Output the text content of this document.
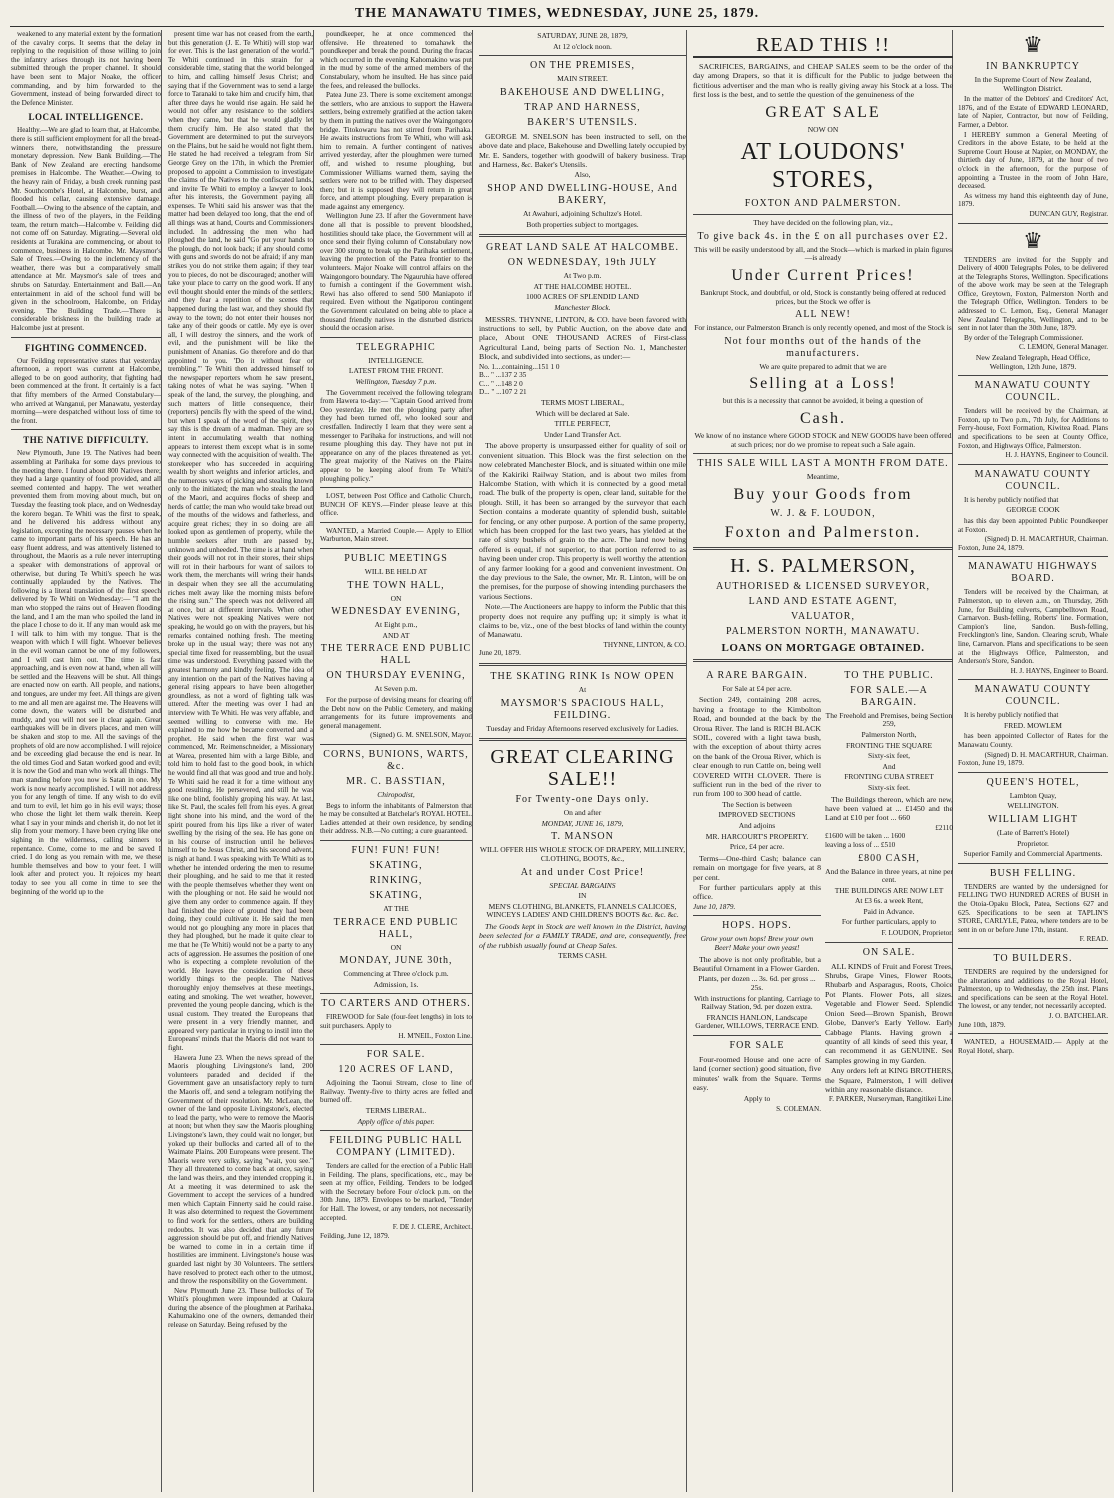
THE MANAWATU TIMES, WEDNESDAY, JUNE 25, 1879.

weakened to any material extent by the formation of the cavalry corps. It seems that the delay in replying to the requisition of those willing to join the infantry arises through its not having been submitted through the proper channel. It should have been sent to Major Noake, the officer commanding, and by him forwarded to the Government, instead of being forwarded direct to the Defence Minister.

LOCAL INTELLIGENCE.

Healthy.—We are glad to learn that, at Halcombe, there is still sufficient employment for all the bread-winners there, notwithstanding the pressure monetary depression. New Bank Building.—The Bank of New Zealand are erecting handsome premises in Halcombe. The Weather.—Owing to the heavy rain of Friday, a bush creek running past Mr. Southcombe's Hotel, at Halcombe, burst, and flooded his cellar, causing extensive damage. Football.—Owing to the absence of the captain, and the illness of two of the players, in the Feilding team, the return match—Halcombe v. Feilding did not come off on Saturday. Migrating.—Several old residents at Turakina are commencing, or about to commence, business in Halcombe. Mr. Maysmor's Sale of Trees.—Owing to the inclemency of the weather, there was but a comparatively small attendance at Mr. Maysmor's sale of trees and shrubs on Saturday. Entertainment and Ball.—An entertainment in aid of the school fund will be given in the schoolroom, Halcombe, on Friday evening. The Building Trade.—There is considerable briskness in the building trade at Halcombe just at present.

FIGHTING COMMENCED.

Our Feilding representative states that yesterday afternoon, a report was current at Halcombe, alleged to be on good authority, that fighting had been commenced at the front. It certainly is a fact that fifty members of the Armed Constabulary—who arrived at Wanganui, per Manawatu, yesterday morning—were despatched without loss of time to the front.

THE NATIVE DIFFICULTY.

New Plymouth, June 19. The Natives had been assembling at Parihaka for some days previous to the meeting there. I found about 800 Natives there; they had a large quantity of food provided, and all seemed contented and happy. The wet weather prevented them from moving about much, but on Tuesday the feasting took place, and on Wednesday the korero began. Te Whiti was the first to speak, and he delivered his address without any legislation, excepting the necessary pauses when he came to important parts of his speech. He has an easy fluent address, and was attentively listened to throughout, the Maoris as a rule never interrupting a speaker with demonstrations of approval or otherwise, but during Te Whiti's speech he was continually applauded by the Natives. The following is a literal translation of the first speech delivered by Te Whiti on Wednesday:— "I am the man who stopped the rains out of Heaven flooding the land, and I am the man who spoiled the land in the place I chose to do it. If any man would ask me I will talk to him with my tongue. That is the weapon with which I will fight. Whoever believes in the evil woman cannot be one of my followers, and I will cast him out. The time is fast approaching, and is even now at hand, when all will be settled and the Heavens will be shut. All things are enacted now on earth. All people, and nations, and tongues, are under my feet. All things are given to me and all men are against me. The Heavens will come down, the waters will be disturbed and muddy, and you will not see it clear again. Great earthquakes will be in divers places, and men will be shaken and stop to me. All the savings of the prophets of old are now accomplished. I will rejoice and be exceeding glad because the end is near. In the old times God and Satan worked good and evil; it is now the God and man who work all things. The man standing before you now is Satan in one. My work is now nearly accomplished. I will not address you for any length of time. If any wish to do evil and turn to evil, let him go in his evil ways; those who chose the light let them walk therein. Keep what I say in your minds and cherish it, do not let it slip from your memory. I have been crying like one sighing in the wilderness, calling sinners to repentance. Come, come to me and be saved I cried. I do long as you remain with me, we these humble themselves and bow to your feet. I will look after and protect you. It rejoices my heart today to see you all come in time to see the beginning of the world up to the

present time war has not ceased from the earth, but this generation (J. E. Te Whiti) will stop war for ever. This is the last generation of the world." Te Whiti continued in this strain for a considerable time, stating that the world belonged to him, and calling himself Jesus Christ; and saying that if the Government was to send a large force to Taranaki to take him and crucify him, that after three days he would rise again. He said he would not offer any resistance to the soldiers when they came, but that he would gladly let them crucify him. He also stated that the Government are determined to put the surveyors on the Plains, but he said he would not fight them. He stated he had received a telegram from Sir George Grey on the 17th, in which the Premier proposed to appoint a Commission to investigate the claims of the Natives to the confiscated lands, and invite Te Whiti to employ a lawyer to look after his interests, the Government paying all expenses. Te Whiti said his answer was that the matter had been delayed too long, that the end of all things was at hand, Courts and Commissioners included. In addressing the men who had ploughed the land, he said "Go put your hands to the plough, do not look back; if any should come with guns and swords do not be afraid; if any man strikes you do not strike them again; if they tear you to pieces, do not be discouraged; another will take your place to carry on the good work. If any evil thought should enter the minds of the settlers; and they fear a repetition of the scenes that happened during the last war, and they should fly away to the town; do not enter their houses nor take any of their goods or cattle. My eye is over all, I will destroy the sinners, and the work of evil, and the punishment will be like the punishment of Ananias. Go therefore and do that appointed to you. 'Do it without fear or trembling.'" Te Whiti then addressed himself to the newspaper reporters whom he saw present, taking notes of what he was saying. "When I speak of the land, the survey, the ploughing, and such matters of little consequence, their (reporters) pencils fly with the speed of the wind, but when I speak of the word of the spirit, they say this is the dream of a madman. They are so intent in accumulating wealth that nothing appears to interest them except what is in some way connected with the acquisition of wealth. The storekeeper who has succeeded in acquiring wealth by short weights and inferior articles, and the numerous ways of picking and stealing known only to the initiated; the man who steals the land of the Maori, and acquires flocks of sheep and herds of cattle; the man who would take bread out of the mouths of the widows and fatherless, and acquire great riches; they in so doing are all looked upon as gentlemen of property, while the humble seekers after truth are passed by, unknown and unheeded. The time is at hand when their goods will not rot in their stores, their ships will rot in their harbours for want of sailors to work them, the merchants will wring their hands in despair when they see all the accumulating riches melt away like the morning mists before the rising sun." The speech was not delivered all at once, but at different intervals. When other Natives were not speaking Natives were not speaking, he would go on with the prayers, but his remarks contained nothing fresh. The meeting broke up in the usual way; there was not any special time fixed for reassembling, but the usual time was understood. Everything passed with the greatest harmony and kindly feeling. The idea of any intention on the part of the Natives having a general rising appears to have been altogether groundless, as not a word of fighting talk was uttered. After the meeting was over I had an interview with Te Whiti. He was very affable, and seemed willing to converse with me. He explained to me how he became converted and a prophet. He said when the first war was commenced, Mr. Reimenschneider, a Missionary at Warea, presented him with a large Bible, and told him to hold fast to the good book, in which he would find all that was good and true and holy. Te Whiti said he read it for a time without any good resulting. He persevered, and still he was like one blind, foolishly groping his way. At last, like St. Paul, the scales fell from his eyes. A great light shone into his mind, and the word of the spirit poured from his lips like a river of water swelling by the rising of the sea. He has gone on in his course of instruction until he believes himself to be Jesus Christ, and his second advent, is nigh at hand. I was speaking with Te Whiti as to whether he intended ordering the men to resume their ploughing, and he said to me that it rested with the people themselves whether they went on with the ploughing or not. He said he would not give them any order to commence again. If they had finished the piece of ground they had been doing, they could cultivate it. He said the men would not go ploughing any more in places that they had ploughed, but he made it quite clear to me that he (Te Whiti) would not be a party to any acts of aggression. He assumes the position of one who is expecting a complete revolution of the world. He leaves the consideration of these worldly things to the people. The Natives thoroughly enjoy themselves at these meetings, eating and smoking. The wet weather, however, prevented the young people dancing, which is the usual custom. They treated the Europeans that were present in a very friendly manner, and appeared very particular in trying to instil into the Europeans' minds that the Maoris did not want to fight.

Hawera June 23. When the news spread of the Maoris ploughing Livingstone's land, 200 volunteers paraded and decided if the Government gave an unsatisfactory reply to turn the Maoris off, and send a telegram notifying the Government of their resolution. Mr. McLean, the owner of the land opposite Livingstone's, elected to lead the party, who were to remove the Maoris at noon; but when they saw the Maoris ploughing Livingstone's lawn, they could wait no longer, but yoked up their bullocks and carted all of to the Waimate Plains. 200 Europeans were present. The Maoris were very sulky, saying "wait, you see." They all threatened to come back at once, saying the land was theirs, and they intended cropping it. At a meeting it was determined to ask the Government to accept the services of a hundred men which Captain Finnerty said he could raise. It was also determined to request the Government to find work for the settlers, others are building redoubts. It was also decided that any future aggression should be put off, and friendly Natives be warned to come in in a certain time if hostilities are imminent. Livingstone's house was guarded last night by 30 Volunteers. The settlers have resolved to protect each other to the utmost, and throw the responsibility on the Government.

New Plymouth June 23. These bullocks of Te Whiti's ploughmen were impounded at Oakura during the absence of the ploughmen at Parihaka. Kahumakino one of the owners, demanded their release on Saturday. Being refused by the

poundkeeper, he at once commenced the offensive. He threatened to tomahawk the poundkeeper and break the pound. During the fracas which occurred in the evening Kahomakino was put in the mud by some of the armed members of the Constabulary, whom he insulted. He has since paid the fees, and released the bullocks.

Patea June 23. There is some excitement amongst the settlers, who are anxious to support the Hawera settlers, being extremely gratified at the action taken by them in putting the natives over the Waingongoro bridge. Titokowaru has not stirred from Parihaka. He awaits instructions from Te Whiti, who will ask him to remain. A further contingent of natives arrived yesterday, after the ploughmen were turned off, and wished to resume ploughing, but Commissioner Williams warned them, saying the settlers were not to be trifled with. They dispersed then; but it is supposed they will return in great force, and attempt ploughing. Every preparation is made against any emergency.

Wellington June 23. If after the Government have done all that is possible to prevent bloodshed, hostilities should take place, the Government will at once send their flying column of Constabulary now over 300 strong to break up the Parihaka settlement, leaving the protection of the Patea frontier to the volunteers. Major Noake will control affairs on the Waingongoro boundary. The Ngauruhia have offered to furnish a contingent if the Government wish. Rewi has also offered to send 500 Maniapoto if required. Even without the Ngatiporou contingent the Government calculated on being able to place a thousand friendly natives in the disturbed districts should the occasion arise.

TELEGRAPHIC
INTELLIGENCE.
LATEST FROM THE FRONT.
Wellington, Tuesday 7 p.m.

The Government received the following telegram from Hawera to-day:— "Captain Good arrived from Oeo yesterday. He met the ploughing party after they had been turned off, who looked sour and crestfallen. Indirectly I learn that they were sent a messenger to Parihaka for instructions, and will not resume ploughing this day. They have not put in appearance on any of the places threatened as yet. The great majority of the Natives on the Plains appear to be keeping aloof from Te Whiti's ploughing policy."

LOST, between Post Office and Catholic Church, BUNCH OF KEYS.—Finder please leave at this office.

WANTED, a Married Couple.— Apply to Elliot Warburton, Main street.

PUBLIC MEETINGS
WILL BE HELD AT
THE TOWN HALL,
ON
WEDNESDAY EVENING,
At Eight p.m.,
AND AT
THE TERRACE END PUBLIC HALL
ON THURSDAY EVENING,
At Seven p.m.

For the purpose of devising means for clearing off the Debt now on the Public Cemetery, and making arrangements for its future improvements and general management.

(Signed) G. M. SNELSON, Mayor.
CORNS, BUNIONS, WARTS, &c.
MR. C. BASSTIAN,
Chiropodist,

Begs to inform the inhabitants of Palmerston that he may be consulted at Batchelar's ROYAL HOTEL. Ladies attended at their own residence, by sending their address. N.B.—No cutting; a cure guaranteed.

FUN! FUN! FUN!
SKATING,
RINKING,
SKATING,
AT THE
TERRACE END PUBLIC HALL,
ON
MONDAY, JUNE 30th,
Commencing at Three o'clock p.m.
Admission, 1s.
TO CARTERS AND OTHERS.

FIREWOOD for Sale (four-feet lengths) in lots to suit purchasers. Apply to

H. M'NEIL, Foxton Line.
FOR SALE.
120 ACRES OF LAND,

Adjoining the Taonui Stream, close to line of Railway. Twenty-five to thirty acres are felled and burned off.

TERMS LIBERAL.
Apply office of this paper.
FEILDING PUBLIC HALL COMPANY (LIMITED).

Tenders are called for the erection of a Public Hall in Feilding. The plans, specifications, etc., may be seen at my office, Feilding. Tenders to be lodged with the Secretary before Four o'clock p.m. on the 30th June, 1879. Envelopes to be marked, "Tender for Hall. The lowest, or any tenders, not necessarily accepted.

F. DE J. CLERE, Architect.
Feilding, June 12, 1879.
SATURDAY, JUNE 28, 1879,
At 12 o'clock noon.
ON THE PREMISES,
MAIN STREET.
BAKEHOUSE AND DWELLING,
TRAP AND HARNESS,
BAKER'S UTENSILS.

GEORGE M. SNELSON has been instructed to sell, on the above date and place, Bakehouse and Dwelling lately occupied by Mr. E. Sanders, together with goodwill of bakery business. Trap and Harness, &c. Baker's Utensils.

Also,
SHOP AND DWELLING-HOUSE, And BAKERY,
At Awahuri, adjoining Schultze's Hotel.
Both properties subject to mortgages.
GREAT LAND SALE AT HALCOMBE.
ON WEDNESDAY, 19th JULY
At Two p.m.
AT THE HALCOMBE HOTEL.
1000 ACRES OF SPLENDID LAND
Manchester Block.

MESSRS. THYNNE, LINTON, & CO. have been favored with instructions to sell, by Public Auction, on the above date and place, About ONE THOUSAND ACRES of First-class Agricultural Land, being parts of Section No. 1, Manchester Block, and subdivided into sections, as under:—

No. 1....containing...151 1 0
B... " ...137 2 35
C... " ...148 2 0
D... " ...107 2 21
TERMS MOST LIBERAL,
Which will be declared at Sale.
TITLE PERFECT,
Under Land Transfer Act.

The above property is unsurpassed either for quality of soil or convenient situation. This Block was the first selection on the now celebrated Manchester Block, and is situated within one mile of the Kakiriki Railway Station, and is about two miles from Halcombe Station, with which it is connected by a good metal road. The bulk of the property is open, clear land, suitable for the plough. Still, it has been so arranged by the surveyor that each Section contains a moderate quantity of splendid bush, suitable for fencing, or any other purpose. A portion of the same property, which has been cropped for the last two years, has yielded at the rate of sixty bushels of grain to the acre. The land now being offered is equal, if not superior, to that portion referred to as having been under crop. This property is well worthy the attention of any farmer looking for a good and convenient investment. On the day previous to the Sale, the owner, Mr. R. Linton, will be on the premises, for the purpose of showing intending purchasers the various Sections.

Note.—The Auctioneers are happy to inform the Public that this property does not require any puffing up; it simply is what it claims to be, viz., one of the best blocks of land within the county of Manawatu.

THYNNE, LINTON, & CO.
June 20, 1879.
THE SKATING RINK Is NOW OPEN
At
MAYSMOR'S SPACIOUS HALL, FEILDING.
Tuesday and Friday Afternoons reserved exclusively for Ladies.
GREAT CLEARING SALE!!
For Twenty-one Days only.
On and after
MONDAY, JUNE 16, 1879,
T. MANSON
WILL OFFER HIS WHOLE STOCK OF DRAPERY, MILLINERY, CLOTHING, BOOTS, &c.,
At and under Cost Price!
SPECIAL BARGAINS
IN
MEN'S CLOTHING, BLANKETS, FLANNELS CALICOES, WINCEYS LADIES' AND CHILDREN'S BOOTS &c. &c. &c.

The Goods kept in Stock are well known in the District, having been selected for a FAMILY TRADE, and are, consequently, free of the rubbish usually found at Cheap Sales.

TERMS CASH.
READ THIS !!

SACRIFICES, BARGAINS, and CHEAP SALES seem to be the order of the day among Drapers, so that it is difficult for the Public to judge between the fictitious advertiser and the man who is really giving away his Stock at a loss. The first loss is the best, and to settle the question of the genuineness of the

GREAT SALE
NOW ON
AT LOUDONS' STORES,
FOXTON AND PALMERSTON.
They have decided on the following plan, viz.,
To give back 4s. in the £ on all purchases over £2.
This will be easily understood by all, and the Stock—which is marked in plain figures—is already
Under Current Prices!
Bankrupt Stock, and doubtful, or old, Stock is constantly being offered at reduced prices, but the Stock we offer is
ALL NEW!
For instance, our Palmerston Branch is only recently opened, and most of the Stock is
Not four months out of the hands of the manufacturers.
We are quite prepared to admit that we are
Selling at a Loss!
but this is a necessity that cannot be avoided, it being a question of
Cash.
We know of no instance where GOOD STOCK and NEW GOODS have been offered at such prices; nor do we promise to repeat such a Sale again.
THIS SALE WILL LAST A MONTH FROM DATE.
Meantime,
Buy your Goods from
W. J. & F. LOUDON,
Foxton and Palmerston.
H. S. PALMERSON,
AUTHORISED & LICENSED SURVEYOR,
LAND AND ESTATE AGENT,
VALUATOR,
PALMERSTON NORTH, MANAWATU.
LOANS ON MORTGAGE OBTAINED.
A RARE BARGAIN.
For Sale at £4 per acre.

Section 249, containing 208 acres, having a frontage to the Kimbolton Road, and bounded at the back by the Oroua River. The land is RICH BLACK SOIL, covered with a light tawa bush, with the exception of about thirty acres on the bank of the Oroua River, which is clear enough to run Cattle on, being well COVERED WITH CLOVER. There is sufficient run in the bed of the river to run from 100 to 300 head of cattle.

The Section is between
IMPROVED SECTIONS
And adjoins
MR. HARCOURT'S PROPERTY.
Price, £4 per acre.

Terms—One-third Cash; balance can remain on mortgage for five years, at 8 per cent.

For further particulars apply at this office.

June 10, 1879.
HOPS. HOPS.
Grow your own hops! Brew your own Beer! Make your own yeast!

The above is not only profitable, but a Beautiful Ornament in a Flower Garden.

Plants, per dozen ... 3s. 6d. per gross ... 25s.
With instructions for planting. Carriage to Railway Station, 9d. per dozen extra.
FRANCIS HANLON, Landscape Gardener, WILLOWS, TERRACE END.
FOR SALE

Four-roomed House and one acre of land (corner section) good situation, five minutes' walk from the Square. Terms easy.

Apply to
S. COLEMAN.
TO THE PUBLIC.
FOR SALE.—A BARGAIN.
The Freehold and Premises, being Section 259,
Palmerston North,
FRONTING THE SQUARE
Sixty-six feet,
And
FRONTING CUBA STREET
Sixty-six feet.

The Buildings thereon, which are new, have been valued at ... £1450 and the Land at £10 per foot ... 660

£2110
£1600 will be taken ... 1600
leaving a loss of ... £510
£800 CASH,
And the Balance in three years, at nine per cent.
THE BUILDINGS ARE NOW LET
At £3 6s. a week Rent,
Paid in Advance.
For further particulars, apply to
F. LOUDON, Proprietor.
ON SALE.

ALL KINDS of Fruit and Forest Trees, Shrubs, Grape Vines, Flower Roots, Rhubarb and Asparagus, Roots, Choice Pot Plants. Flower Pots, all sizes. Vegetable and Flower Seed. Splendid Onion Seed—Brown Spanish, Brown Globe, Danver's Early Yellow. Early Cabbage Plants. Having grown a quantity of all kinds of seed this year, I can recommend it as GENUINE. See Samples growing in my Garden.

Any orders left at KING BROTHERS, the Square, Palmerston, I will deliver within any reasonable distance.

F. PARKER, Nurseryman, Rangitikei Line.
♛
IN BANKRUPTCY
In the Supreme Court of New Zealand, Wellington District.

In the matter of the Debtors' and Creditors' Act, 1876, and of the Estate of EDWARD LEONARD, late of Napier, Contractor, but now of Feilding, Farmer, a Debtor.

I HEREBY summon a General Meeting of Creditors in the above Estate, to be held at the Supreme Court House at Napier, on MONDAY, the thirtieth day of June, 1879, at the hour of two o'clock in the afternoon, for the purpose of appointing a Trustee in the room of John Hare, deceased.

As witness my hand this eighteenth day of June, 1879.

DUNCAN GUY, Registrar.
♛

TENDERS are invited for the Supply and Delivery of 4000 Telegraphs Poles, to be delivered at the Telegraphs Stores, Wellington. Specifications of the above work may be seen at the Telegraph Office, Greytown, Foxton, Palmerston North and the Telegraph Office, Wellington. Tenders to be addressed to C. Lemon, Esq., General Manager New Zealand Telegraphs, Wellington, and to be sent in not later than the 30th June, 1879.

By order of the Telegraph Commissioner.

C. LEMON, General Manager.
New Zealand Telegraph, Head Office, Wellington, 12th June, 1879.
MANAWATU COUNTY COUNCIL.

Tenders will be received by the Chairman, at Foxton, up to Two p.m., 7th July, for Additions to Ferry-house, Foxt Formation, Kiwitea Road. Plans and specifications to be seen at County Office, Foxton, and Highways Office, Palmerston.

H. J. HAYNS, Engineer to Council.
MANAWATU COUNTY COUNCIL.

It is hereby publicly notified that

GEORGE COOK

has this day been appointed Public Poundkeeper at Foxton.

(Signed) D. H. MACARTHUR, Chairman.
Foxton, June 24, 1879.
MANAWATU HIGHWAYS BOARD.

Tenders will be received by the Chairman, at Palmerston, up to eleven a.m., on Thursday, 26th June, for Building culverts, Campbelltown Road, Carnarvon. Bush-felling, Roberts' line. Formation, Campion's line, Sandon. Bush-felling, Frecklington's line, Sandon. Clearing scrub, Whale line, Carnarvon. Plans and specifications to be seen at the Highways Office, Palmerston, and Anderson's Store, Sandon.

H. J. HAYNS, Engineer to Board.
MANAWATU COUNTY COUNCIL.

It is hereby publicly notified that

FRED. MOWLEM

has been appointed Collector of Rates for the Manawatu County.

(Signed) D. H. MACARTHUR, Chairman.
Foxton, June 19, 1879.
QUEEN'S HOTEL,
Lambton Quay,
WELLINGTON.
WILLIAM LIGHT
(Late of Barrett's Hotel)
Proprietor.
Superior Family and Commercial Apartments.
BUSH FELLING.

TENDERS are wanted by the undersigned for FELLING TWO HUNDRED ACRES of BUSH in the Otoia-Opaku Block, Patea, Sections 627 and 625. Specifications to be seen at TAPLIN'S STORE, CARLYLE, Patea, where tenders are to be sent in on or before June 17th, instant.

F. READ.
TO BUILDERS.

TENDERS are required by the undersigned for the alterations and additions to the Royal Hotel, Palmerston, up to Wednesday, the 25th inst. Plans and specifications can be seen at the Royal Hotel. The lowest, or any tender, not necessarily accepted.

J. O. BATCHELAR.
June 10th, 1879.

WANTED, a HOUSEMAID.— Apply at the Royal Hotel, sharp.
